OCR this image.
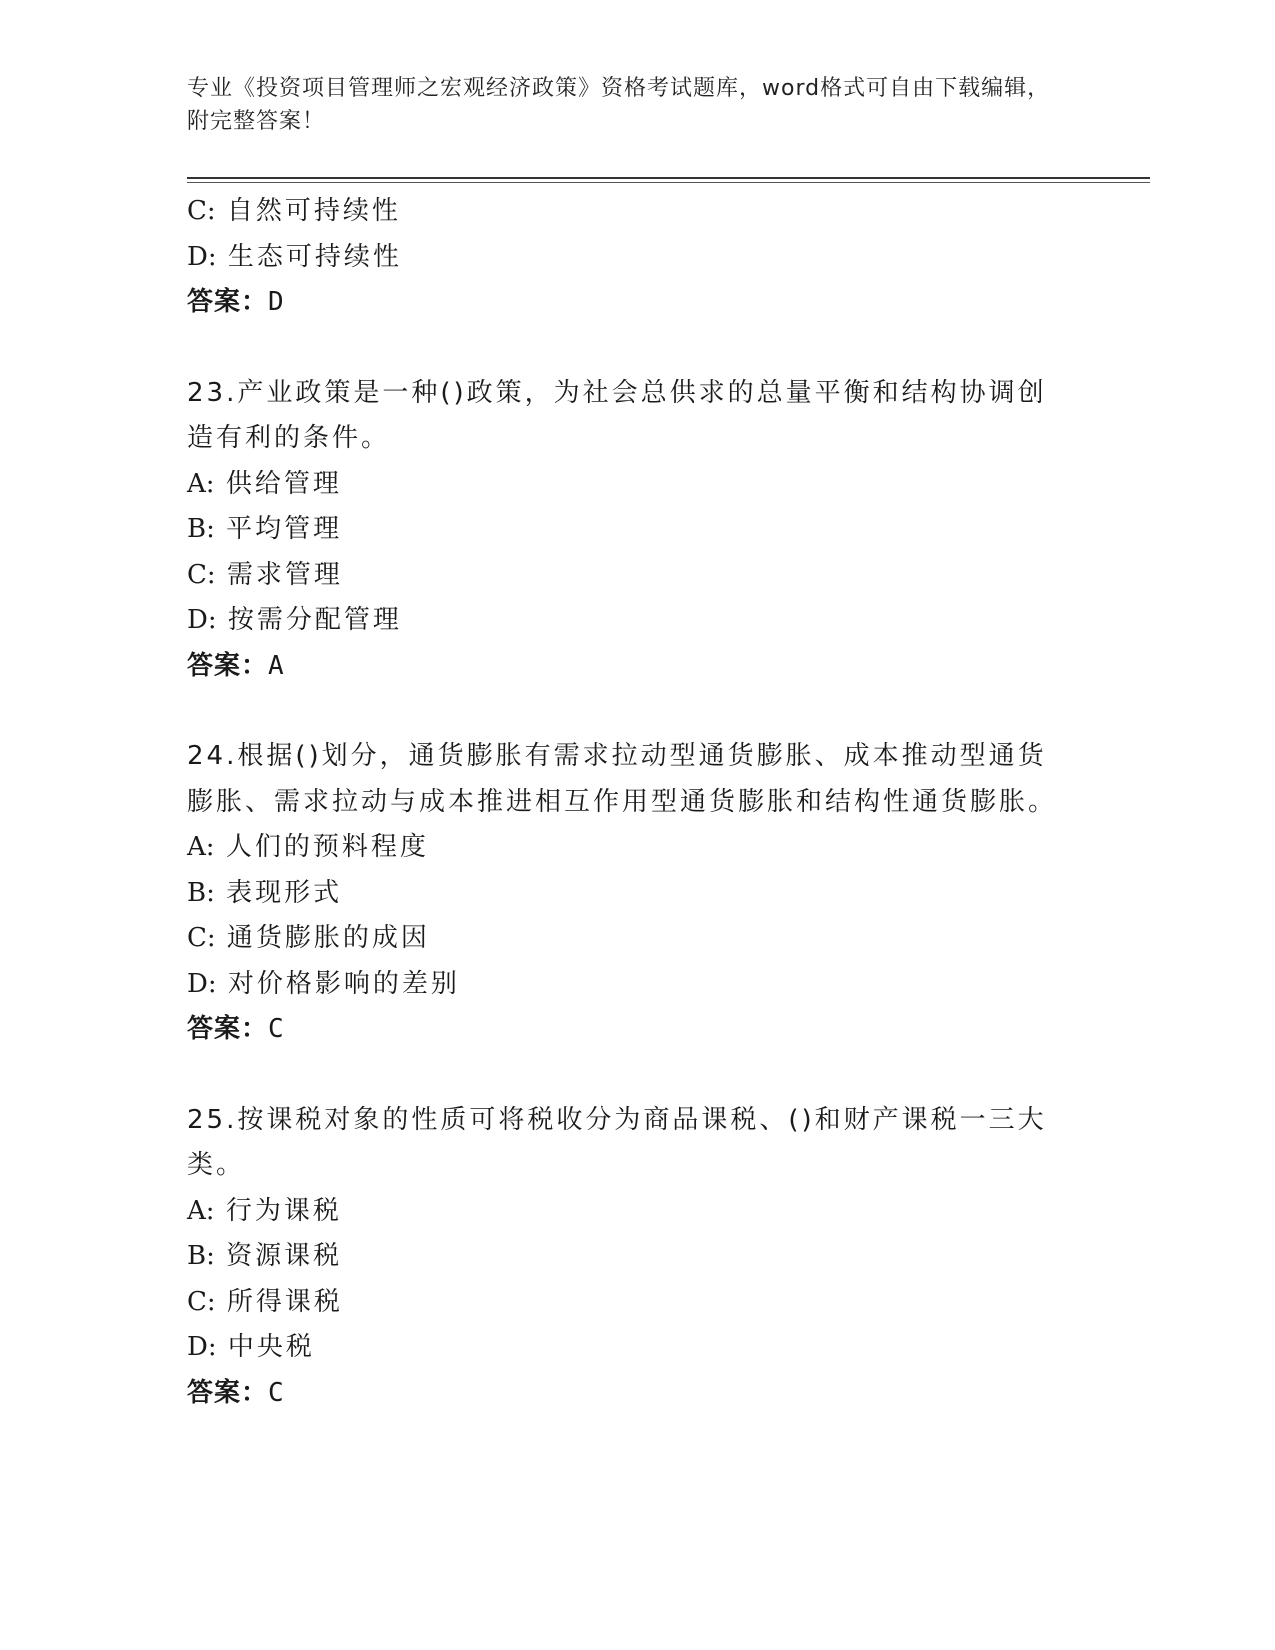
专业《投资项目管理师之宏观经济政策》资格考试题库，word格式可自由下载编辑，附完整答案！
C: 自然可持续性
D: 生态可持续性
答案：D
23.产业政策是一种()政策，为社会总供求的总量平衡和结构协调创造有利的条件。
A: 供给管理
B: 平均管理
C: 需求管理
D: 按需分配管理
答案：A
24.根据()划分，通货膨胀有需求拉动型通货膨胀、成本推动型通货膨胀、需求拉动与成本推进相互作用型通货膨胀和结构性通货膨胀。
A: 人们的预料程度
B: 表现形式
C: 通货膨胀的成因
D: 对价格影响的差别
答案：C
25.按课税对象的性质可将税收分为商品课税、()和财产课税一三大类。
A: 行为课税
B: 资源课税
C: 所得课税
D: 中央税
答案：C
